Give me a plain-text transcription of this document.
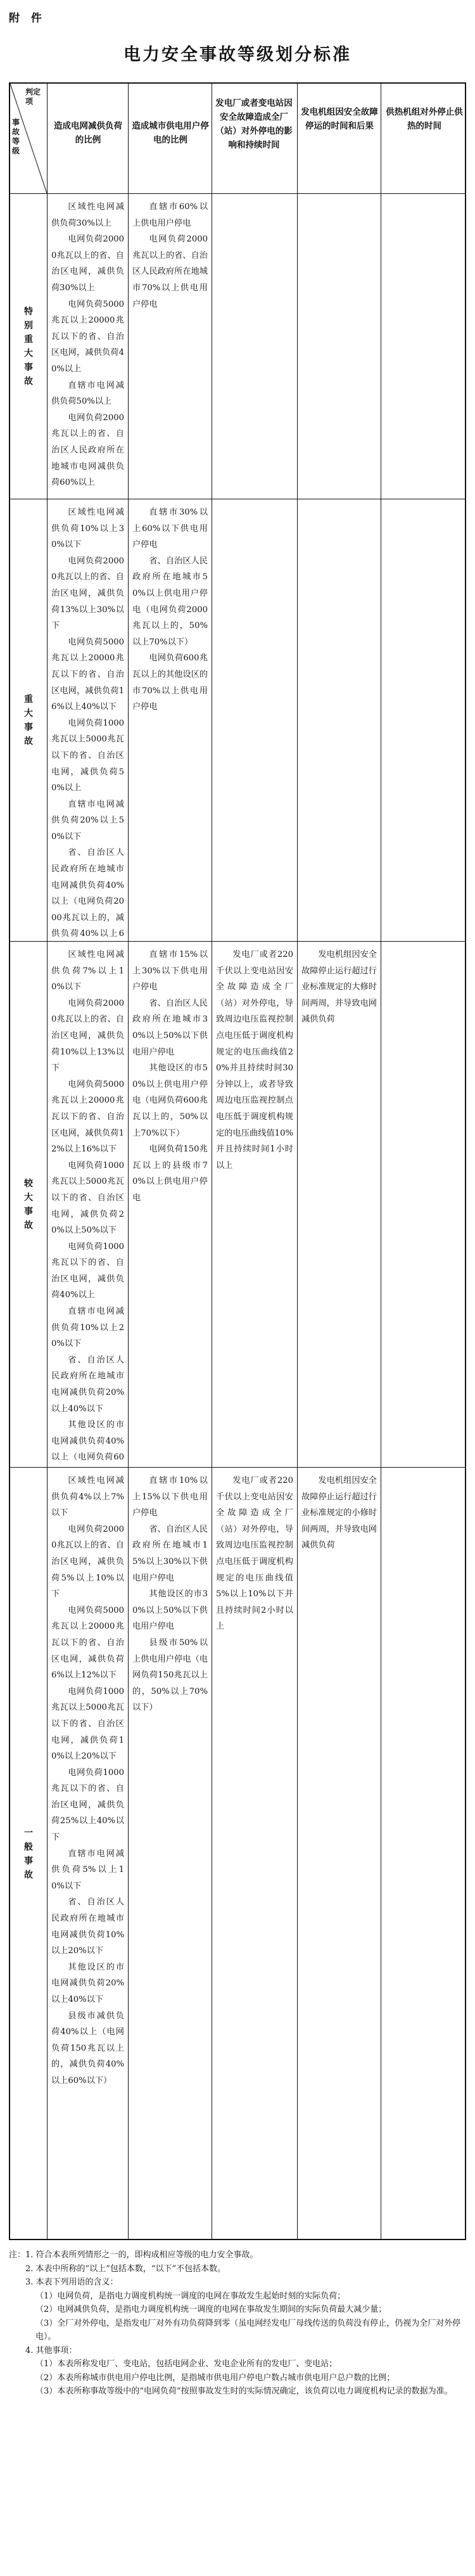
附 件
电力安全事故等级划分标准
判定项
事故等级
造成电网减供负荷的比例
造成城市供电用户停电的比例
发电厂或者变电站因安全故障造成全厂（站）对外停电的影响和持续时间
发电机组因安全故障停运的时间和后果
供热机组对外停止供热的时间
特别重大事故
重大事故
较大事故
一般事故

区域性电网减供负荷30%以上

电网负荷20000兆瓦以上的省、自治区电网，减供负荷30%以上

电网负荷5000兆瓦以上20000兆瓦以下的省、自治区电网，减供负荷40%以上

直辖市电网减供负荷50%以上

电网负荷2000兆瓦以上的省、自治区人民政府所在地城市电网减供负荷60%以上

直辖市60%以上供电用户停电

电网负荷2000兆瓦以上的省、自治区人民政府所在地城市70%以上供电用户停电

区域性电网减供负荷10%以上30%以下

电网负荷20000兆瓦以上的省、自治区电网，减供负荷13%以上30%以下

电网负荷5000兆瓦以上20000兆瓦以下的省、自治区电网，减供负荷16%以上40%以下

电网负荷1000兆瓦以上5000兆瓦以下的省、自治区电网，减供负荷50%以上

直辖市电网减供负荷20%以上50%以下

省、自治区人民政府所在地城市电网减供负荷40%以上（电网负荷2000兆瓦以上的，减供负荷40%以上6

直辖市30%以上60%以下供电用户停电

省、自治区人民政府所在地城市50%以上供电用户停电（电网负荷2000兆瓦以上的，50%以上70%以下）

电网负荷600兆瓦以上的其他设区的市70%以上供电用户停电

区域性电网减供负荷7%以上10%以下

电网负荷20000兆瓦以上的省、自治区电网，减供负荷10%以上13%以下

电网负荷5000兆瓦以上20000兆瓦以下的省、自治区电网，减供负荷12%以上16%以下

电网负荷1000兆瓦以上5000兆瓦以下的省、自治区电网，减供负荷20%以上50%以下

电网负荷1000兆瓦以下的省、自治区电网，减供负荷40%以上

直辖市电网减供负荷10%以上20%以下

省、自治区人民政府所在地城市电网减供负荷20%以上40%以下

其他设区的市电网减供负荷40%以上（电网负荷60

直辖市15%以上30%以下供电用户停电

省、自治区人民政府所在地城市30%以上50%以下供电用户停电

其他设区的市50%以上供电用户停电（电网负荷600兆瓦以上的，50%以上70%以下）

电网负荷150兆瓦以上的县级市70%以上供电用户停电

发电厂或者220千伏以上变电站因安全故障造成全厂（站）对外停电，导致周边电压监视控制点电压低于调度机构规定的电压曲线值20%并且持续时间30分钟以上，或者导致周边电压监视控制点电压低于调度机构规定的电压曲线值10%并且持续时间1小时以上

发电机组因安全故障停止运行超过行业标准规定的大修时间两周，并导致电网减供负荷

区域性电网减供负荷4%以上7%以下

电网负荷20000兆瓦以上的省、自治区电网，减供负荷5%以上10%以下

电网负荷5000兆瓦以上20000兆瓦以下的省、自治区电网，减供负荷6%以上12%以下

电网负荷1000兆瓦以上5000兆瓦以下的省、自治区电网，减供负荷10%以上20%以下

电网负荷1000兆瓦以下的省、自治区电网，减供负荷25%以上40%以下

直辖市电网减供负荷5%以上10%以下

省、自治区人民政府所在地城市电网减供负荷10%以上20%以下

其他设区的市电网减供负荷20%以上40%以下

县级市减供负荷40%以上（电网负荷150兆瓦以上的，减供负荷40%以上60%以下）

直辖市10%以上15%以下供电用户停电

省、自治区人民政府所在地城市15%以上30%以下供电用户停电

其他设区的市30%以上50%以下供电用户停电

县级市50%以上供电用户停电（电网负荷150兆瓦以上的，50%以上70%以下）

发电厂或者220千伏以上变电站因安全故障造成全厂（站）对外停电，导致周边电压监视控制点电压低于调度机构规定的电压曲线值5%以上10%以下并且持续时间2小时以上

发电机组因安全故障停止运行超过行业标准规定的小修时间两周，并导致电网减供负荷

注：1. 符合本表所列情形之一的，即构成相应等级的电力安全事故。
2. 本表中所称的“以上”包括本数，“以下”不包括本数。
3. 本表下列用语的含义：
（1）电网负荷，是指电力调度机构统一调度的电网在事故发生起始时刻的实际负荷；
（2）电网减供负荷，是指电力调度机构统一调度的电网在事故发生期间的实际负荷最大减少量；
（3）全厂对外停电，是指发电厂对外有功负荷降到零（虽电网经发电厂母线传送的负荷没有停止，仍视为全厂对外停电）。
4. 其他事项：
（1）本表所称发电厂、变电站，包括电网企业、发电企业所有的发电厂、变电站；
（2）本表所称城市供电用户停电比例，是指城市供电用户停电户数占城市供电用户总户数的比例；
（3）本表所称事故等级中的“电网负荷”按照事故发生时的实际情况确定，该负荷以电力调度机构记录的数据为准。
